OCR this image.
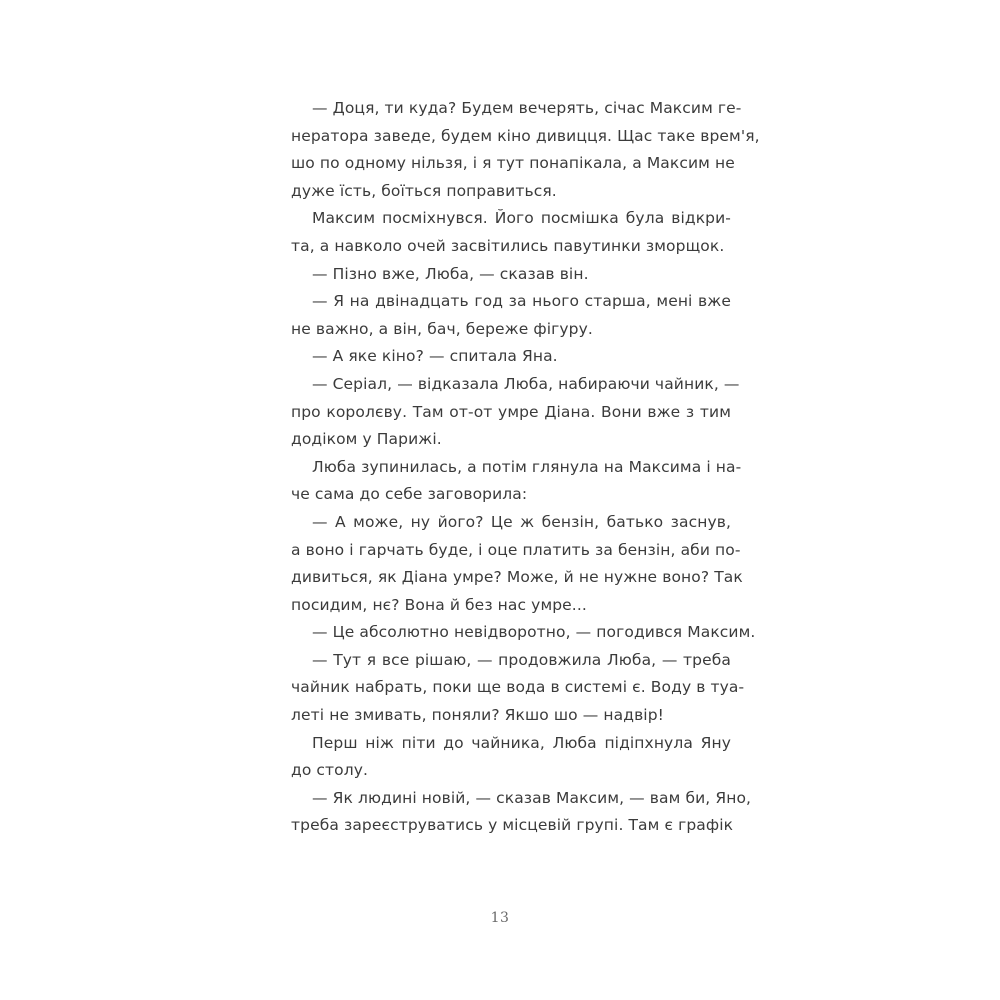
— Доця, ти куда? Будем вечерять, січас Максим ге-
нератора заведе, будем кіно дивицця. Щас таке врем'я,
шо по одному нільзя, і я тут понапікала, а Максим не
дуже їсть, боїться поправиться.
Максим посміхнувся. Його посмішка була відкри-
та, а навколо очей засвітились павутинки зморщок.
— Пізно вже, Люба, — сказав він.
— Я на двінадцать год за нього старша, мені вже
не важно, а він, бач, береже фігуру.
— А яке кіно? — спитала Яна.
— Серіал, — відказала Люба, набираючи чайник, —
про королєву. Там от-от умре Діана. Вони вже з тим
додіком у Парижі.
Люба зупинилась, а потім глянула на Максима і на-
че сама до себе заговорила:
— А може, ну його? Це ж бензін, батько заснув,
а воно і гарчать буде, і оце платить за бензін, аби по-
дивиться, як Діана умре? Може, й не нужне воно? Так
посидим, нє? Вона й без нас умре...
— Це абсолютно невідворотно, — погодився Максим.
— Тут я все рішаю, — продовжила Люба, — треба
чайник набрать, поки ще вода в системі є. Воду в туа-
леті не змивать, поняли? Якшо шо — надвір!
Перш ніж піти до чайника, Люба підіпхнула Яну
до столу.
— Як людині новій, — сказав Максим, — вам би, Яно,
треба зареєструватись у місцевій групі. Там є графік
13
